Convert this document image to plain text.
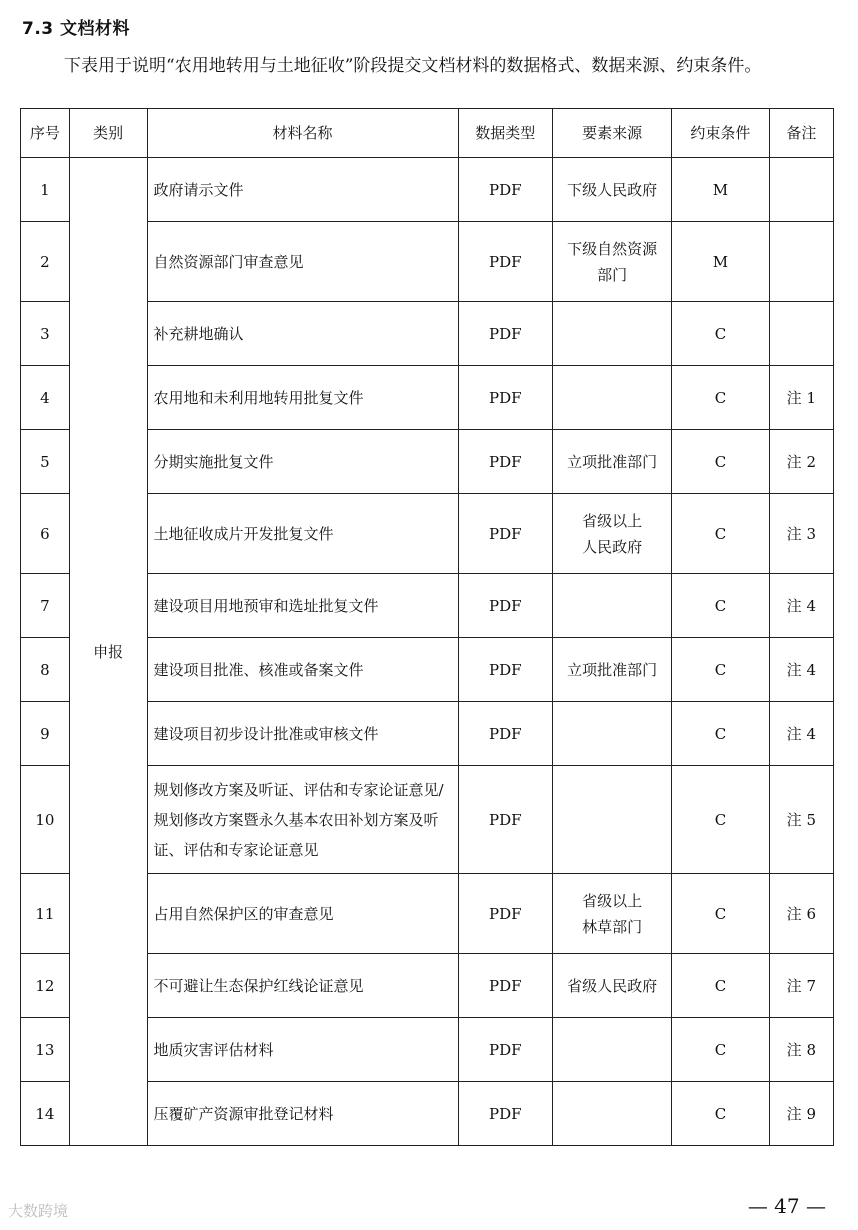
7.3 文档材料

下表用于说明“农用地转用与土地征收”阶段提交文档材料的数据格式、数据来源、约束条件。

序号	类别	材料名称	数据类型	要素来源	约束条件	备注
1	申报	政府请示文件	PDF	下级人民政府	M	
2		自然资源部门审查意见	PDF	下级自然资源
部门	M	
3		补充耕地确认	PDF		C	
4		农用地和未利用地转用批复文件	PDF		C	注 1
5		分期实施批复文件	PDF	立项批准部门	C	注 2
6		土地征收成片开发批复文件	PDF	省级以上
人民政府	C	注 3
7		建设项目用地预审和选址批复文件	PDF		C	注 4
8		建设项目批准、核准或备案文件	PDF	立项批准部门	C	注 4
9		建设项目初步设计批准或审核文件	PDF		C	注 4
10		规划修改方案及听证、评估和专家论证意见/规划修改方案暨永久基本农田补划方案及听证、评估和专家论证意见	PDF		C	注 5
11		占用自然保护区的审查意见	PDF	省级以上
林草部门	C	注 6
12		不可避让生态保护红线论证意见	PDF	省级人民政府	C	注 7
13		地质灾害评估材料	PDF		C	注 8
14		压覆矿产资源审批登记材料	PDF		C	注 9
大数跨境	— 47 —
